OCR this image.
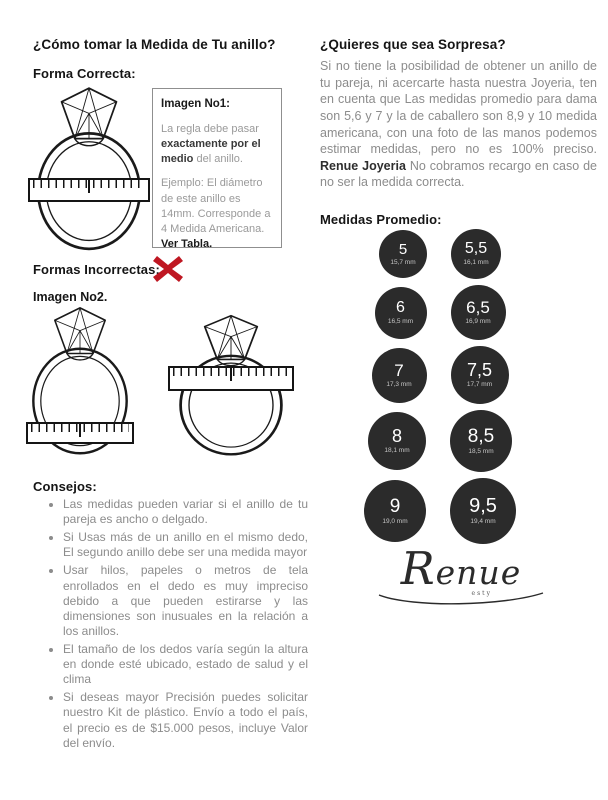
¿Cómo tomar la Medida de Tu anillo?
Forma Correcta:

Imagen No1:

La regla debe pasar exactamente por el medio del anillo.

Ejemplo: El diámetro de este anillo es 14mm. Corresponde a 4 Medida Americana. Ver Tabla.

Formas Incorrectas:
Imagen No2.
Consejos:
• Las medidas pueden variar si el anillo de tu pareja es ancho o delgado.
• Si Usas más de un anillo en el mismo dedo, El segundo anillo debe ser una medida mayor
• Usar hilos, papeles o metros de tela enrollados en el dedo es muy impreciso debido a que pueden estirarse y las dimensiones son inusuales en la relación a los anillos.
• El tamaño de los dedos varía según la altura en donde esté ubicado, estado de salud y el clima
• Si deseas mayor Precisión puedes solicitar nuestro Kit de plástico. Envío a todo el país, el precio es de $15.000 pesos, incluye Valor del envío.
¿Quieres que sea Sorpresa?
Si no tiene la posibilidad de obtener un anillo de tu pareja, ni acercarte hasta nuestra Joyeria, ten en cuenta que Las medidas promedio para dama son 5,6 y 7 y la de caballero son 8,9 y 10 medida americana, con una foto de las manos podemos estimar medidas, pero no es 100% preciso. Renue Joyeria No cobramos recargo en caso de no ser la medida correcta.
Medidas Promedio:
5
15,7 mm
5,5
16,1 mm
6
16,5 mm
6,5
16,9 mm
7
17,3 mm
7,5
17,7 mm
8
18,1 mm
8,5
18,5 mm
9
19,0 mm
9,5
19,4 mm
Renue
esty
